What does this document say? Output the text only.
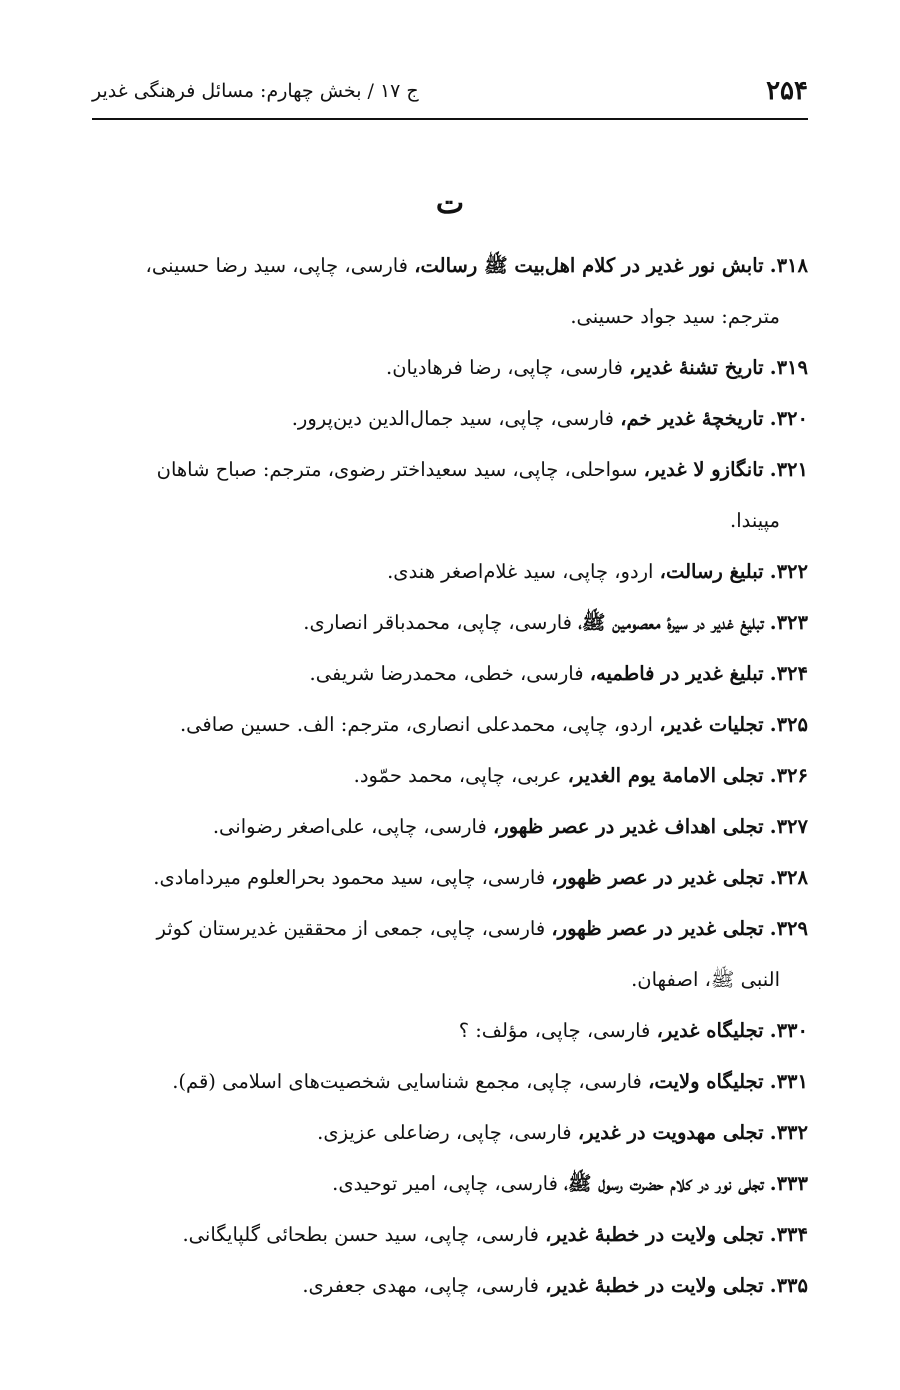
۲۵۴
ج ۱۷ / بخش چهارم: مسائل فرهنگی غدیر
ت

۳۱۸. تابش نور غدیر در کلام اهل‌بیت ﷺ رسالت، فارسی، چاپی، سید رضا حسینی،
مترجم: سید جواد حسینی.

۳۱۹. تاریخ تشنهٔ غدیر، فارسی، چاپی، رضا فرهادیان.

۳۲۰. تاریخچهٔ غدیر خم، فارسی، چاپی، سید جمال‌الدین دین‌پرور.

۳۲۱. تانگازو لا غدیر، سواحلی، چاپی، سید سعیداختر رضوی، مترجم: صباح شاهان
مپیندا.

۳۲۲. تبلیغ رسالت، اردو، چاپی، سید غلام‌اصغر هندی.

۳۲۳. تبلیغ غدیر در سیرهٔ معصومین ﷺ، فارسی، چاپی، محمدباقر انصاری.

۳۲۴. تبلیغ غدیر در فاطمیه، فارسی، خطی، محمدرضا شریفی.

۳۲۵. تجلیات غدیر، اردو، چاپی، محمدعلی انصاری، مترجم: الف. حسین صافی.

۳۲۶. تجلی الامامة یوم الغدیر، عربی، چاپی، محمد حمّود.

۳۲۷. تجلی اهداف غدیر در عصر ظهور، فارسی، چاپی، علی‌اصغر رضوانی.

۳۲۸. تجلی غدیر در عصر ظهور، فارسی، چاپی، سید محمود بحرالعلوم میردامادی.

۳۲۹. تجلی غدیر در عصر ظهور، فارسی، چاپی، جمعی از محققین غدیرستان کوثر
النبی ﷺ، اصفهان.

۳۳۰. تجلیگاه غدیر، فارسی، چاپی، مؤلف: ؟

۳۳۱. تجلیگاه ولایت، فارسی، چاپی، مجمع شناسایی شخصیت‌های اسلامی (قم).

۳۳۲. تجلی مهدویت در غدیر، فارسی، چاپی، رضاعلی عزیزی.

۳۳۳. تجلی نور در کلام حضرت رسول ﷺ، فارسی، چاپی، امیر توحیدی.

۳۳۴. تجلی ولایت در خطبهٔ غدیر، فارسی، چاپی، سید حسن بطحائی گلپایگانی.

۳۳۵. تجلی ولایت در خطبهٔ غدیر، فارسی، چاپی، مهدی جعفری.
